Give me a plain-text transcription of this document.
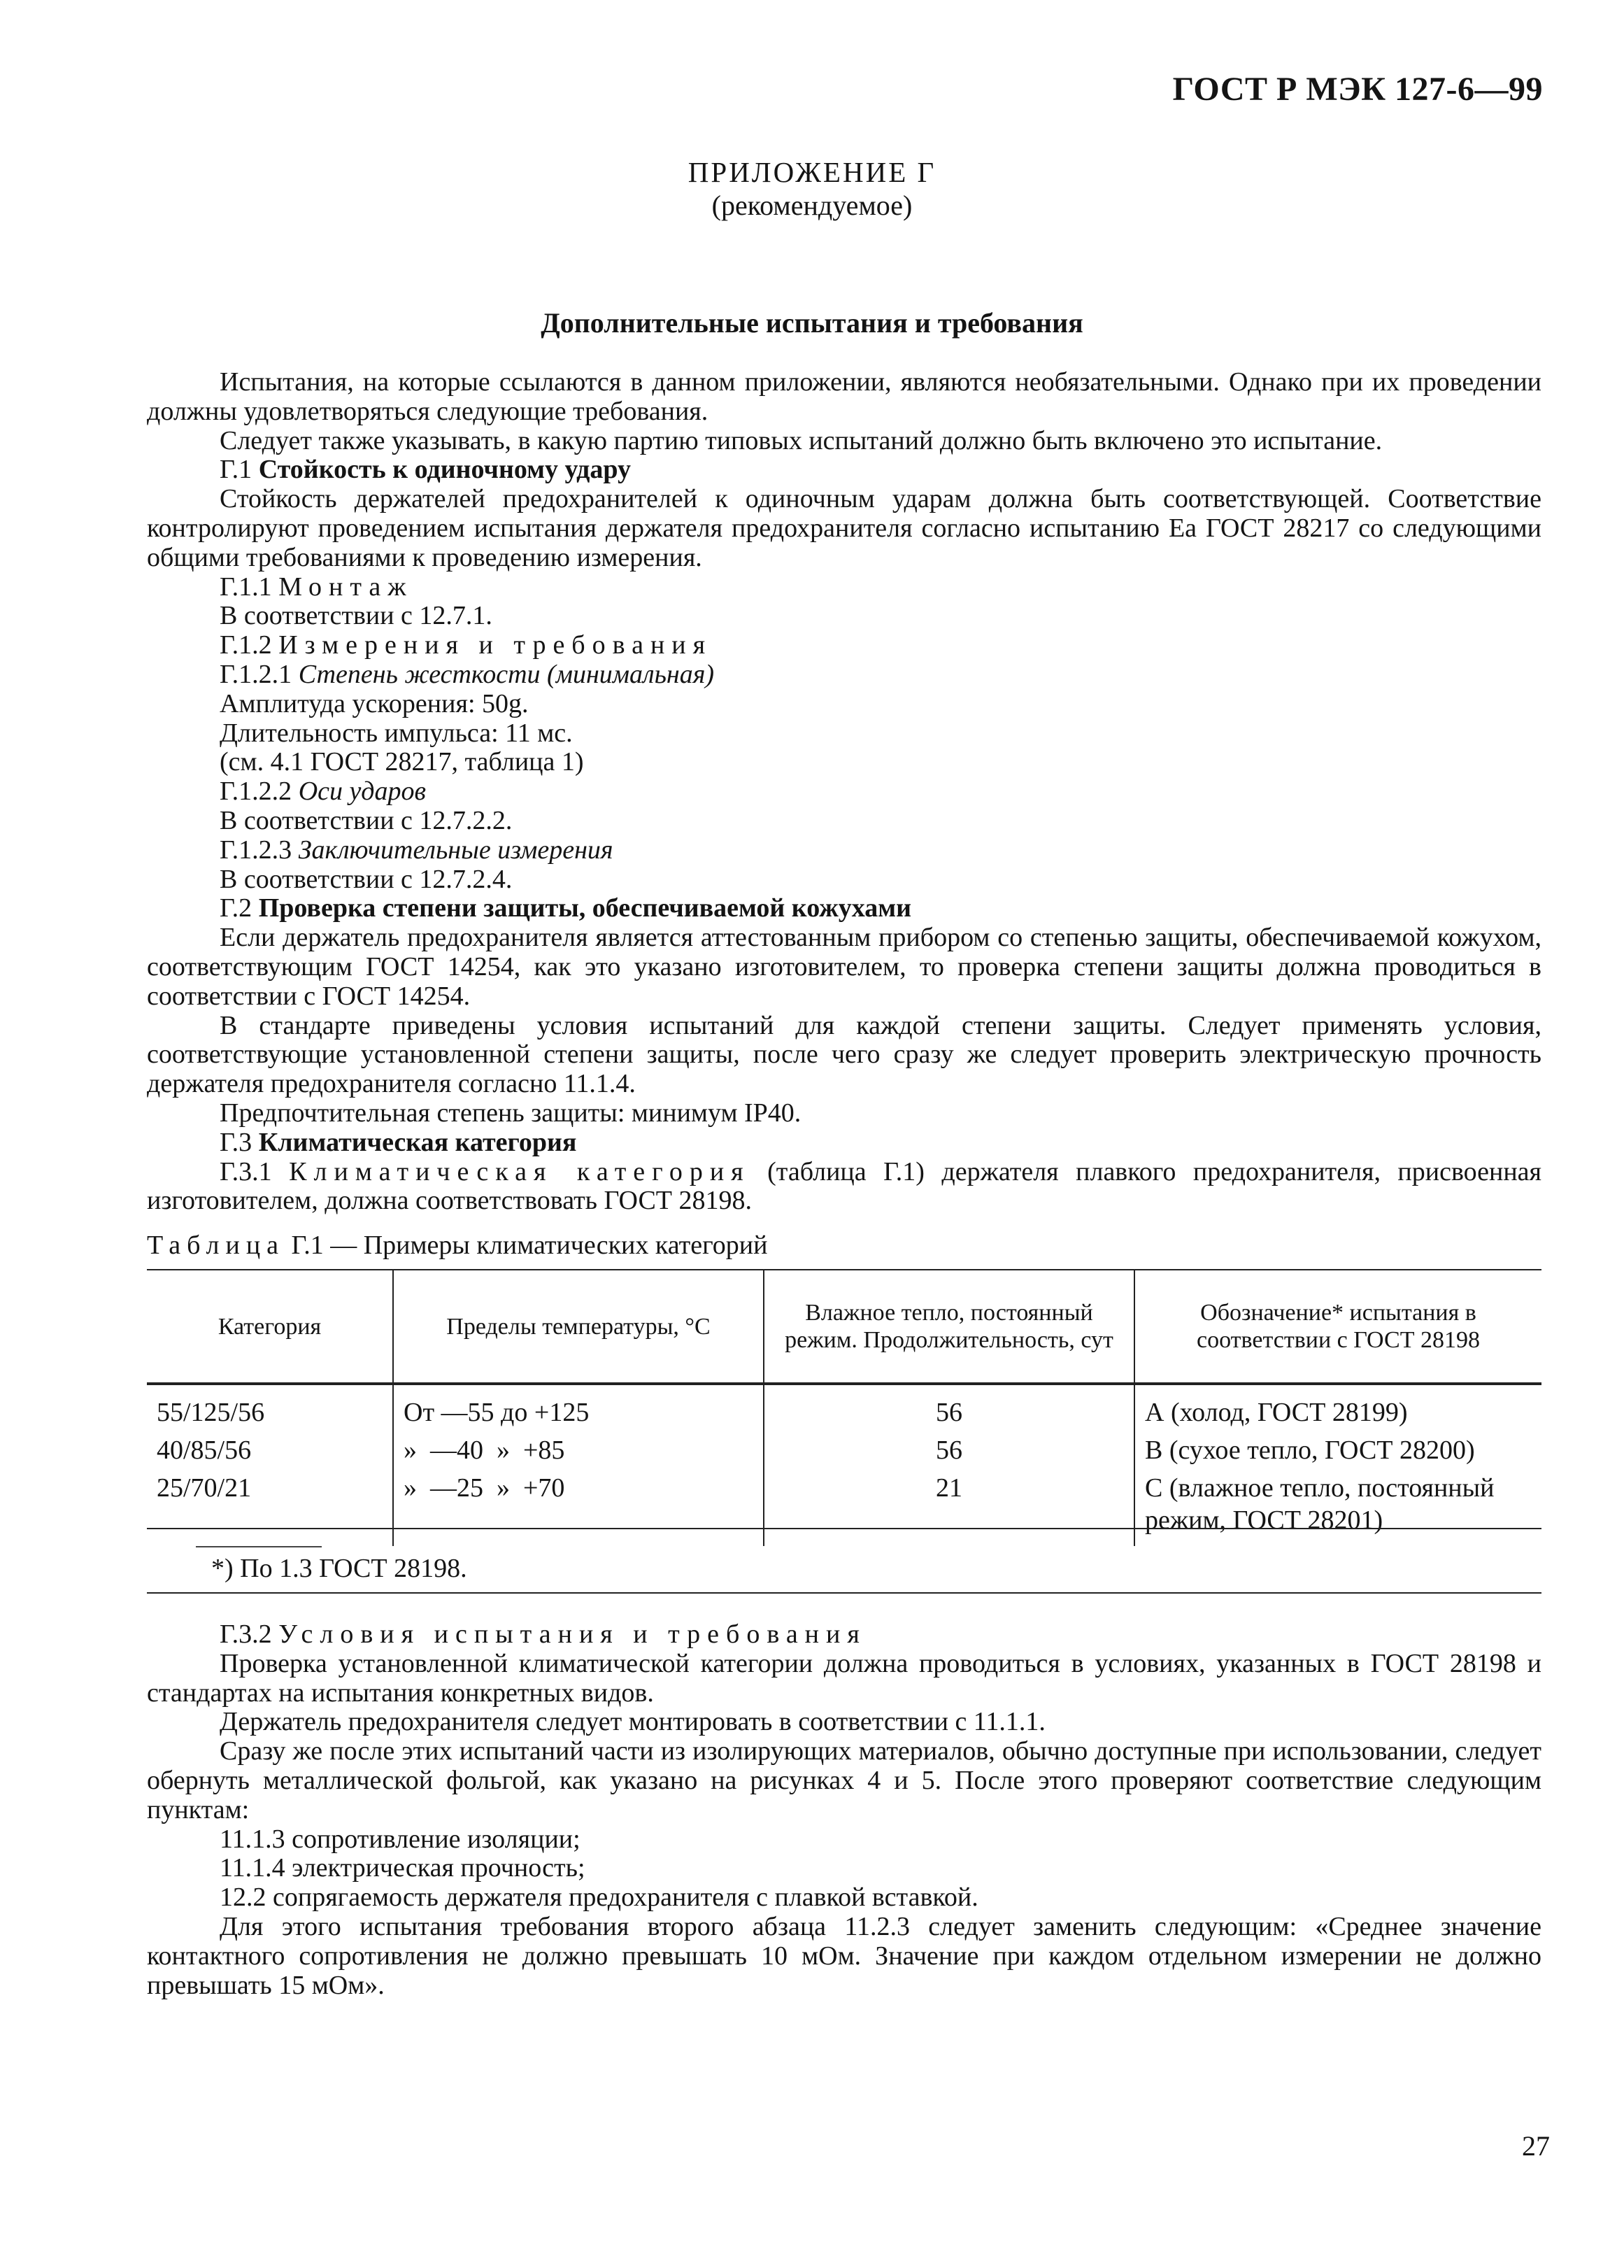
ГОСТ Р МЭК 127-6—99
ПРИЛОЖЕНИЕ Г
(рекомендуемое)
Дополнительные испытания и требования

Испытания, на которые ссылаются в данном приложении, являются необязательными. Однако при их проведении должны удовлетворяться следующие требования.

Следует также указывать, в какую партию типовых испытаний должно быть включено это испытание.

Г.1 Стойкость к одиночному удару

Стойкость держателей предохранителей к одиночным ударам должна быть соответствующей. Соответствие контролируют проведением испытания держателя предохранителя согласно испытанию Еа ГОСТ 28217 со следующими общими требованиями к проведению измерения.

Г.1.1 Монтаж

В соответствии с 12.7.1.

Г.1.2 Измерения и требования

Г.1.2.1 Степень жесткости (минимальная)

Амплитуда ускорения: 50g.

Длительность импульса: 11 мс.

(см. 4.1 ГОСТ 28217, таблица 1)

Г.1.2.2 Оси ударов

В соответствии с 12.7.2.2.

Г.1.2.3 Заключительные измерения

В соответствии с 12.7.2.4.

Г.2 Проверка степени защиты, обеспечиваемой кожухами

Если держатель предохранителя является аттестованным прибором со степенью защиты, обеспечиваемой кожухом, соответствующим ГОСТ 14254, как это указано изготовителем, то проверка степени защиты должна проводиться в соответствии с ГОСТ 14254.

В стандарте приведены условия испытаний для каждой степени защиты. Следует применять условия, соответствующие установленной степени защиты, после чего сразу же следует проверить электрическую прочность держателя предохранителя согласно 11.1.4.

Предпочтительная степень защиты: минимум IP40.

Г.3 Климатическая категория

Г.3.1 Климатическая категория (таблица Г.1) держателя плавкого предохранителя, присвоенная изготовителем, должна соответствовать ГОСТ 28198.

Таблица Г.1 — Примеры климатических категорий
Категория	Пределы температуры, °С	Влажное тепло, постоянный режим. Продолжительность, сут	Обозначение* испытания в соответствии с ГОСТ 28198
55/125/56	От —55 до +125	56	А (холод, ГОСТ 28199)
40/85/56	»  —40  »  +85	56	В (сухое тепло, ГОСТ 28200)
25/70/21	»  —25  »  +70	21	С (влажное тепло, постоянный режим, ГОСТ 28201)
*) По 1.3 ГОСТ 28198.

Г.3.2 Условия испытания и требования

Проверка установленной климатической категории должна проводиться в условиях, указанных в ГОСТ 28198 и стандартах на испытания конкретных видов.

Держатель предохранителя следует монтировать в соответствии с 11.1.1.

Сразу же после этих испытаний части из изолирующих материалов, обычно доступные при использовании, следует обернуть металлической фольгой, как указано на рисунках 4 и 5. После этого проверяют соответствие следующим пунктам:

11.1.3 сопротивление изоляции;

11.1.4 электрическая прочность;

12.2 сопрягаемость держателя предохранителя с плавкой вставкой.

Для этого испытания требования второго абзаца 11.2.3 следует заменить следующим: «Среднее значение контактного сопротивления не должно превышать 10 мОм. Значение при каждом отдельном измерении не должно превышать 15 мОм».

27
